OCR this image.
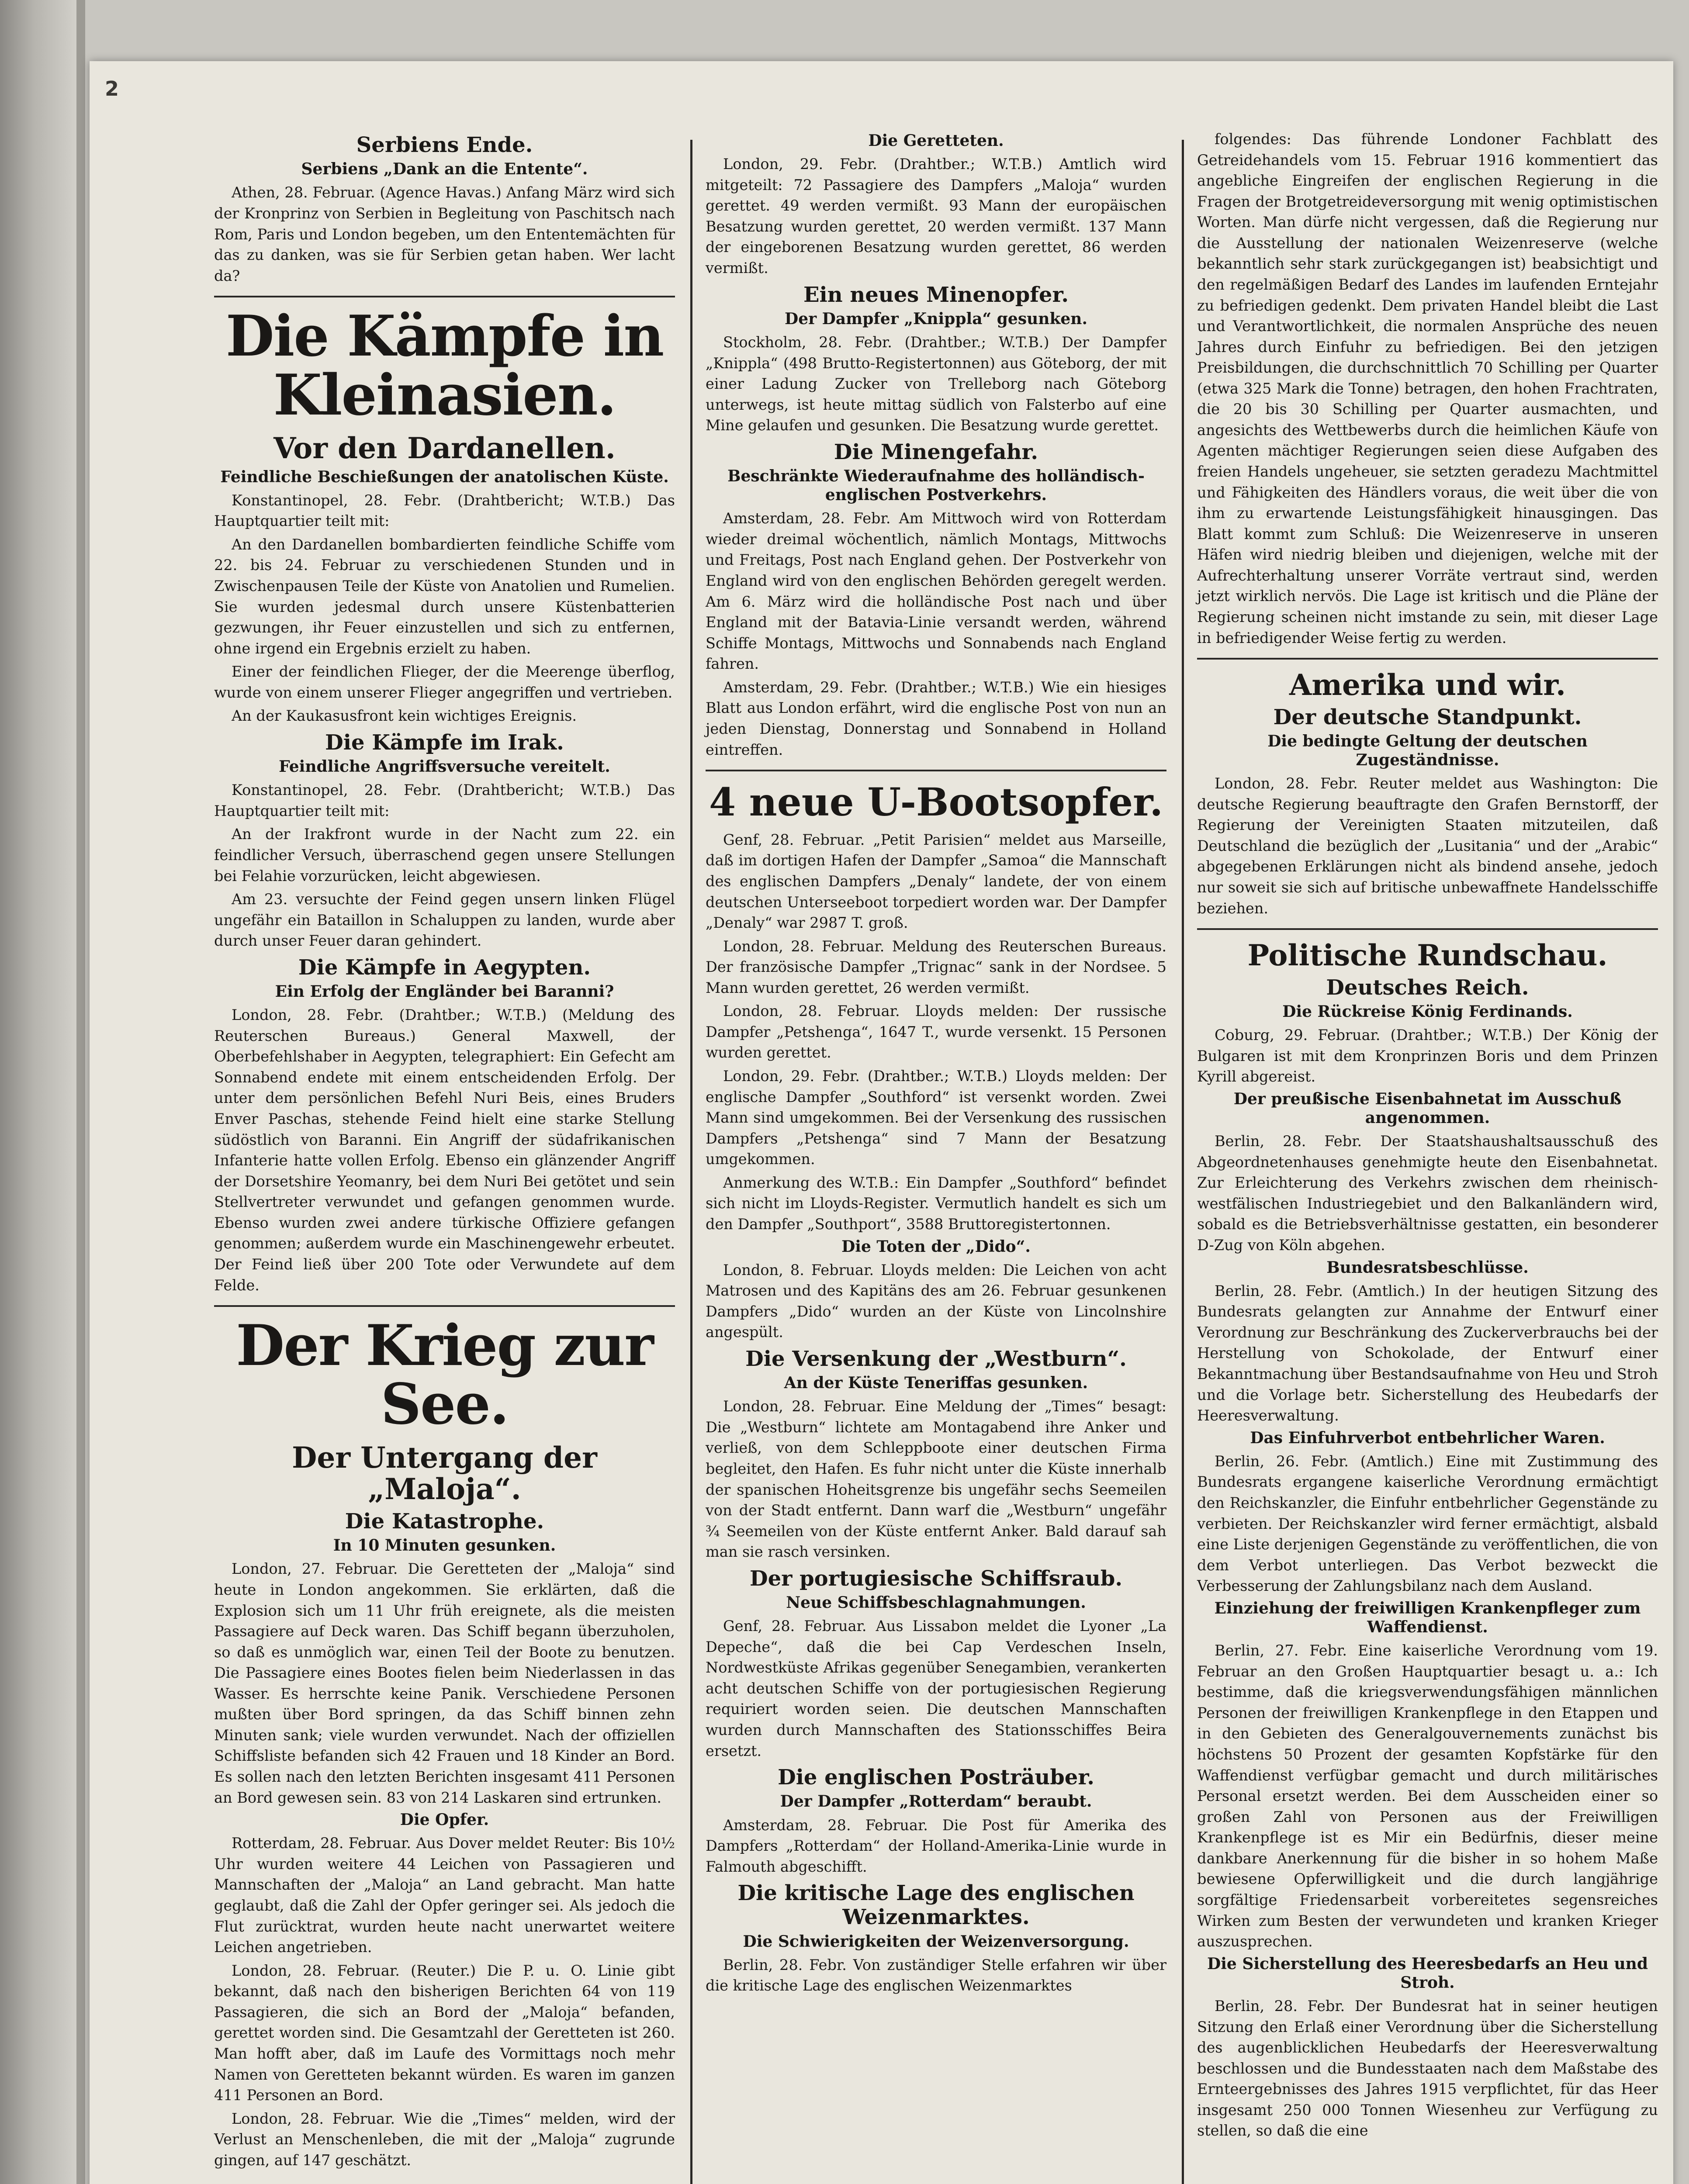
2
Serbiens Ende.
Serbiens „Dank an die Entente“.

Athen, 28. Februar. (Agence Havas.) Anfang März wird sich der Kronprinz von Serbien in Begleitung von Paschitsch nach Rom, Paris und London begeben, um den Ententemächten für das zu danken, was sie für Serbien getan haben. Wer lacht da?

Die Kämpfe in Kleinasien.
Vor den Dardanellen.
Feindliche Beschießungen der anatolischen Küste.

Konstantinopel, 28. Febr. (Drahtbericht; W.T.B.) Das Hauptquartier teilt mit:

An den Dardanellen bombardierten feindliche Schiffe vom 22. bis 24. Februar zu verschiedenen Stunden und in Zwischenpausen Teile der Küste von Anatolien und Rumelien. Sie wurden jedesmal durch unsere Küstenbatterien gezwungen, ihr Feuer einzustellen und sich zu entfernen, ohne irgend ein Ergebnis erzielt zu haben.

Einer der feindlichen Flieger, der die Meerenge überflog, wurde von einem unserer Flieger angegriffen und vertrieben.

An der Kaukasusfront kein wichtiges Ereignis.

Die Kämpfe im Irak.
Feindliche Angriffsversuche vereitelt.

Konstantinopel, 28. Febr. (Drahtbericht; W.T.B.) Das Hauptquartier teilt mit:

An der Irakfront wurde in der Nacht zum 22. ein feindlicher Versuch, überraschend gegen unsere Stellungen bei Felahie vorzurücken, leicht abgewiesen.

Am 23. versuchte der Feind gegen unsern linken Flügel ungefähr ein Bataillon in Schaluppen zu landen, wurde aber durch unser Feuer daran gehindert.

Die Kämpfe in Aegypten.
Ein Erfolg der Engländer bei Baranni?

London, 28. Febr. (Drahtber.; W.T.B.) (Meldung des Reuterschen Bureaus.) General Maxwell, der Oberbefehlshaber in Aegypten, telegraphiert: Ein Gefecht am Sonnabend endete mit einem entscheidenden Erfolg. Der unter dem persönlichen Befehl Nuri Beis, eines Bruders Enver Paschas, stehende Feind hielt eine starke Stellung südöstlich von Baranni. Ein Angriff der südafrikanischen Infanterie hatte vollen Erfolg. Ebenso ein glänzender Angriff der Dorsetshire Yeomanry, bei dem Nuri Bei getötet und sein Stellvertreter verwundet und gefangen genommen wurde. Ebenso wurden zwei andere türkische Offiziere gefangen genommen; außerdem wurde ein Maschinengewehr erbeutet. Der Feind ließ über 200 Tote oder Verwundete auf dem Felde.

Der Krieg zur See.
Der Untergang der „Maloja“.
Die Katastrophe.
In 10 Minuten gesunken.

London, 27. Februar. Die Geretteten der „Maloja“ sind heute in London angekommen. Sie erklärten, daß die Explosion sich um 11 Uhr früh ereignete, als die meisten Passagiere auf Deck waren. Das Schiff begann überzuholen, so daß es unmöglich war, einen Teil der Boote zu benutzen. Die Passagiere eines Bootes fielen beim Niederlassen in das Wasser. Es herrschte keine Panik. Verschiedene Personen mußten über Bord springen, da das Schiff binnen zehn Minuten sank; viele wurden verwundet. Nach der offiziellen Schiffsliste befanden sich 42 Frauen und 18 Kinder an Bord. Es sollen nach den letzten Berichten insgesamt 411 Personen an Bord gewesen sein. 83 von 214 Laskaren sind ertrunken.

Die Opfer.

Rotterdam, 28. Februar. Aus Dover meldet Reuter: Bis 10½ Uhr wurden weitere 44 Leichen von Passagieren und Mannschaften der „Maloja“ an Land gebracht. Man hatte geglaubt, daß die Zahl der Opfer geringer sei. Als jedoch die Flut zurücktrat, wurden heute nacht unerwartet weitere Leichen angetrieben.

London, 28. Februar. (Reuter.) Die P. u. O. Linie gibt bekannt, daß nach den bisherigen Berichten 64 von 119 Passagieren, die sich an Bord der „Maloja“ befanden, gerettet worden sind. Die Gesamtzahl der Geretteten ist 260. Man hofft aber, daß im Laufe des Vormittags noch mehr Namen von Geretteten bekannt würden. Es waren im ganzen 411 Personen an Bord.

London, 28. Februar. Wie die „Times“ melden, wird der Verlust an Menschenleben, die mit der „Maloja“ zugrunde gingen, auf 147 geschätzt.

Die Geretteten.

London, 29. Febr. (Drahtber.; W.T.B.) Amtlich wird mitgeteilt: 72 Passagiere des Dampfers „Maloja“ wurden gerettet. 49 werden vermißt. 93 Mann der europäischen Besatzung wurden gerettet, 20 werden vermißt. 137 Mann der eingeborenen Besatzung wurden gerettet, 86 werden vermißt.

Ein neues Minenopfer.
Der Dampfer „Knippla“ gesunken.

Stockholm, 28. Febr. (Drahtber.; W.T.B.) Der Dampfer „Knippla“ (498 Brutto-Registertonnen) aus Göteborg, der mit einer Ladung Zucker von Trelleborg nach Göteborg unterwegs, ist heute mittag südlich von Falsterbo auf eine Mine gelaufen und gesunken. Die Besatzung wurde gerettet.

Die Minengefahr.
Beschränkte Wiederaufnahme des holländisch-englischen Postverkehrs.

Amsterdam, 28. Febr. Am Mittwoch wird von Rotterdam wieder dreimal wöchentlich, nämlich Montags, Mittwochs und Freitags, Post nach England gehen. Der Postverkehr von England wird von den englischen Behörden geregelt werden. Am 6. März wird die holländische Post nach und über England mit der Batavia-Linie versandt werden, während Schiffe Montags, Mittwochs und Sonnabends nach England fahren.

Amsterdam, 29. Febr. (Drahtber.; W.T.B.) Wie ein hiesiges Blatt aus London erfährt, wird die englische Post von nun an jeden Dienstag, Donnerstag und Sonnabend in Holland eintreffen.

4 neue U-Bootsopfer.

Genf, 28. Februar. „Petit Parisien“ meldet aus Marseille, daß im dortigen Hafen der Dampfer „Samoa“ die Mannschaft des englischen Dampfers „Denaly“ landete, der von einem deutschen Unterseeboot torpediert worden war. Der Dampfer „Denaly“ war 2987 T. groß.

London, 28. Februar. Meldung des Reuterschen Bureaus. Der französische Dampfer „Trignac“ sank in der Nordsee. 5 Mann wurden gerettet, 26 werden vermißt.

London, 28. Februar. Lloyds melden: Der russische Dampfer „Petshenga“, 1647 T., wurde versenkt. 15 Personen wurden gerettet.

London, 29. Febr. (Drahtber.; W.T.B.) Lloyds melden: Der englische Dampfer „Southford“ ist versenkt worden. Zwei Mann sind umgekommen. Bei der Versenkung des russischen Dampfers „Petshenga“ sind 7 Mann der Besatzung umgekommen.

Anmerkung des W.T.B.: Ein Dampfer „Southford“ befindet sich nicht im Lloyds-Register. Vermutlich handelt es sich um den Dampfer „Southport“, 3588 Bruttoregistertonnen.

Die Toten der „Dido“.

London, 8. Februar. Lloyds melden: Die Leichen von acht Matrosen und des Kapitäns des am 26. Februar gesunkenen Dampfers „Dido“ wurden an der Küste von Lincolnshire angespült.

Die Versenkung der „Westburn“.
An der Küste Teneriffas gesunken.

London, 28. Februar. Eine Meldung der „Times“ besagt: Die „Westburn“ lichtete am Montagabend ihre Anker und verließ, von dem Schleppboote einer deutschen Firma begleitet, den Hafen. Es fuhr nicht unter die Küste innerhalb der spanischen Hoheitsgrenze bis ungefähr sechs Seemeilen von der Stadt entfernt. Dann warf die „Westburn“ ungefähr ¾ Seemeilen von der Küste entfernt Anker. Bald darauf sah man sie rasch versinken.

Der portugiesische Schiffsraub.
Neue Schiffsbeschlagnahmungen.

Genf, 28. Februar. Aus Lissabon meldet die Lyoner „La Depeche“, daß die bei Cap Verdeschen Inseln, Nordwestküste Afrikas gegenüber Senegambien, verankerten acht deutschen Schiffe von der portugiesischen Regierung requiriert worden seien. Die deutschen Mannschaften wurden durch Mannschaften des Stationsschiffes Beira ersetzt.

Die englischen Posträuber.
Der Dampfer „Rotterdam“ beraubt.

Amsterdam, 28. Februar. Die Post für Amerika des Dampfers „Rotterdam“ der Holland-Amerika-Linie wurde in Falmouth abgeschifft.

Die kritische Lage des englischen Weizenmarktes.
Die Schwierigkeiten der Weizenversorgung.

Berlin, 28. Febr. Von zuständiger Stelle erfahren wir über die kritische Lage des englischen Weizenmarktes

folgendes: Das führende Londoner Fachblatt des Getreidehandels vom 15. Februar 1916 kommentiert das angebliche Eingreifen der englischen Regierung in die Fragen der Brotgetreideversorgung mit wenig optimistischen Worten. Man dürfe nicht vergessen, daß die Regierung nur die Ausstellung der nationalen Weizenreserve (welche bekanntlich sehr stark zurückgegangen ist) beabsichtigt und den regelmäßigen Bedarf des Landes im laufenden Erntejahr zu befriedigen gedenkt. Dem privaten Handel bleibt die Last und Verantwortlichkeit, die normalen Ansprüche des neuen Jahres durch Einfuhr zu befriedigen. Bei den jetzigen Preisbildungen, die durchschnittlich 70 Schilling per Quarter (etwa 325 Mark die Tonne) betragen, den hohen Frachtraten, die 20 bis 30 Schilling per Quarter ausmachten, und angesichts des Wettbewerbs durch die heimlichen Käufe von Agenten mächtiger Regierungen seien diese Aufgaben des freien Handels ungeheuer, sie setzten geradezu Machtmittel und Fähigkeiten des Händlers voraus, die weit über die von ihm zu erwartende Leistungsfähigkeit hinausgingen. Das Blatt kommt zum Schluß: Die Weizenreserve in unseren Häfen wird niedrig bleiben und diejenigen, welche mit der Aufrechterhaltung unserer Vorräte vertraut sind, werden jetzt wirklich nervös. Die Lage ist kritisch und die Pläne der Regierung scheinen nicht imstande zu sein, mit dieser Lage in befriedigender Weise fertig zu werden.

Amerika und wir.
Der deutsche Standpunkt.
Die bedingte Geltung der deutschen Zugeständnisse.

London, 28. Febr. Reuter meldet aus Washington: Die deutsche Regierung beauftragte den Grafen Bernstorff, der Regierung der Vereinigten Staaten mitzuteilen, daß Deutschland die bezüglich der „Lusitania“ und der „Arabic“ abgegebenen Erklärungen nicht als bindend ansehe, jedoch nur soweit sie sich auf britische unbewaffnete Handelsschiffe beziehen.

Politische Rundschau.
Deutsches Reich.
Die Rückreise König Ferdinands.

Coburg, 29. Februar. (Drahtber.; W.T.B.) Der König der Bulgaren ist mit dem Kronprinzen Boris und dem Prinzen Kyrill abgereist.

Der preußische Eisenbahnetat im Ausschuß angenommen.

Berlin, 28. Febr. Der Staatshaushaltsausschuß des Abgeordnetenhauses genehmigte heute den Eisenbahnetat. Zur Erleichterung des Verkehrs zwischen dem rheinisch-westfälischen Industriegebiet und den Balkanländern wird, sobald es die Betriebsverhältnisse gestatten, ein besonderer D-Zug von Köln abgehen.

Bundesratsbeschlüsse.

Berlin, 28. Febr. (Amtlich.) In der heutigen Sitzung des Bundesrats gelangten zur Annahme der Entwurf einer Verordnung zur Beschränkung des Zuckerverbrauchs bei der Herstellung von Schokolade, der Entwurf einer Bekanntmachung über Bestandsaufnahme von Heu und Stroh und die Vorlage betr. Sicherstellung des Heubedarfs der Heeresverwaltung.

Das Einfuhrverbot entbehrlicher Waren.

Berlin, 26. Febr. (Amtlich.) Eine mit Zustimmung des Bundesrats ergangene kaiserliche Verordnung ermächtigt den Reichskanzler, die Einfuhr entbehrlicher Gegenstände zu verbieten. Der Reichskanzler wird ferner ermächtigt, alsbald eine Liste derjenigen Gegenstände zu veröffentlichen, die von dem Verbot unterliegen. Das Verbot bezweckt die Verbesserung der Zahlungsbilanz nach dem Ausland.

Einziehung der freiwilligen Krankenpfleger zum Waffendienst.

Berlin, 27. Febr. Eine kaiserliche Verordnung vom 19. Februar an den Großen Hauptquartier besagt u. a.: Ich bestimme, daß die kriegsverwendungsfähigen männlichen Personen der freiwilligen Krankenpflege in den Etappen und in den Gebieten des Generalgouvernements zunächst bis höchstens 50 Prozent der gesamten Kopfstärke für den Waffendienst verfügbar gemacht und durch militärisches Personal ersetzt werden. Bei dem Ausscheiden einer so großen Zahl von Personen aus der Freiwilligen Krankenpflege ist es Mir ein Bedürfnis, dieser meine dankbare Anerkennung für die bisher in so hohem Maße bewiesene Opferwilligkeit und die durch langjährige sorgfältige Friedensarbeit vorbereitetes segensreiches Wirken zum Besten der verwundeten und kranken Krieger auszusprechen.

Die Sicherstellung des Heeresbedarfs an Heu und Stroh.

Berlin, 28. Febr. Der Bundesrat hat in seiner heutigen Sitzung den Erlaß einer Verordnung über die Sicherstellung des augenblicklichen Heubedarfs der Heeresverwaltung beschlossen und die Bundesstaaten nach dem Maßstabe des Ernteergebnisses des Jahres 1915 verpflichtet, für das Heer insgesamt 250 000 Tonnen Wiesenheu zur Verfügung zu stellen, so daß die eine
